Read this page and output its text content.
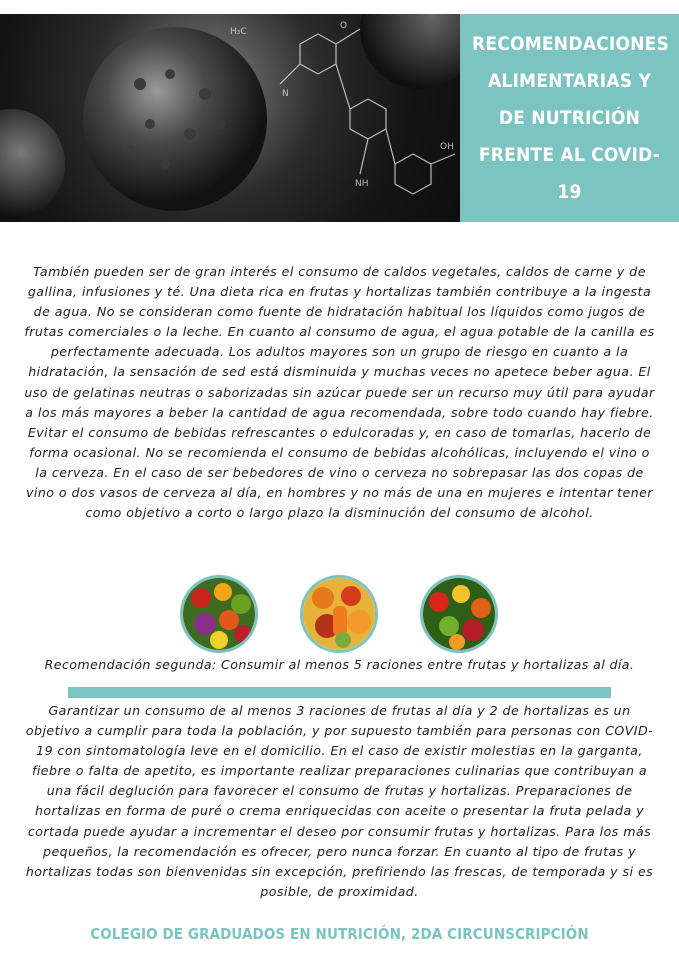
H₃C
O
N
OH
NH
RECOMENDACIONES ALIMENTARIAS Y DE NUTRICIÓN FRENTE AL COVID-19

También pueden ser de gran interés el consumo de caldos vegetales, caldos de carne y de gallina, infusiones y té. Una dieta rica en frutas y hortalizas también contribuye a la ingesta de agua. No se consideran como fuente de hidratación habitual los líquidos como jugos de frutas comerciales o la leche. En cuanto al consumo de agua, el agua potable de la canilla es perfectamente adecuada. Los adultos mayores son un grupo de riesgo en cuanto a la hidratación, la sensación de sed está disminuida y muchas veces no apetece beber agua. El uso de gelatinas neutras o saborizadas sin azúcar puede ser un recurso muy útil para ayudar a los más mayores a beber la cantidad de agua recomendada, sobre todo cuando hay fiebre. Evitar el consumo de bebidas refrescantes o edulcoradas y, en caso de tomarlas, hacerlo de forma ocasional. No se recomienda el consumo de bebidas alcohólicas, incluyendo el vino o la cerveza. En el caso de ser bebedores de vino o cerveza no sobrepasar las dos copas de vino o dos vasos de cerveza al día, en hombres y no más de una en mujeres e intentar tener como objetivo a corto o largo plazo la disminución del consumo de alcohol.

Recomendación segunda: Consumir al menos 5 raciones entre frutas y hortalizas al día.

Garantizar un consumo de al menos 3 raciones de frutas al día y 2 de hortalizas es un objetivo a cumplir para toda la población, y por supuesto también para personas con COVID-19 con sintomatología leve en el domicilio. En el caso de existir molestias en la garganta, fiebre o falta de apetito, es importante realizar preparaciones culinarias que contribuyan a una fácil deglución para favorecer el consumo de frutas y hortalizas. Preparaciones de hortalizas en forma de puré o crema enriquecidas con aceite o presentar la fruta pelada y cortada puede ayudar a incrementar el deseo por consumir frutas y hortalizas. Para los más pequeños, la recomendación es ofrecer, pero nunca forzar. En cuanto al tipo de frutas y hortalizas todas son bienvenidas sin excepción, prefiriendo las frescas, de temporada y si es posible, de proximidad.

COLEGIO DE GRADUADOS EN NUTRICIÓN, 2DA CIRCUNSCRIPCIÓN
